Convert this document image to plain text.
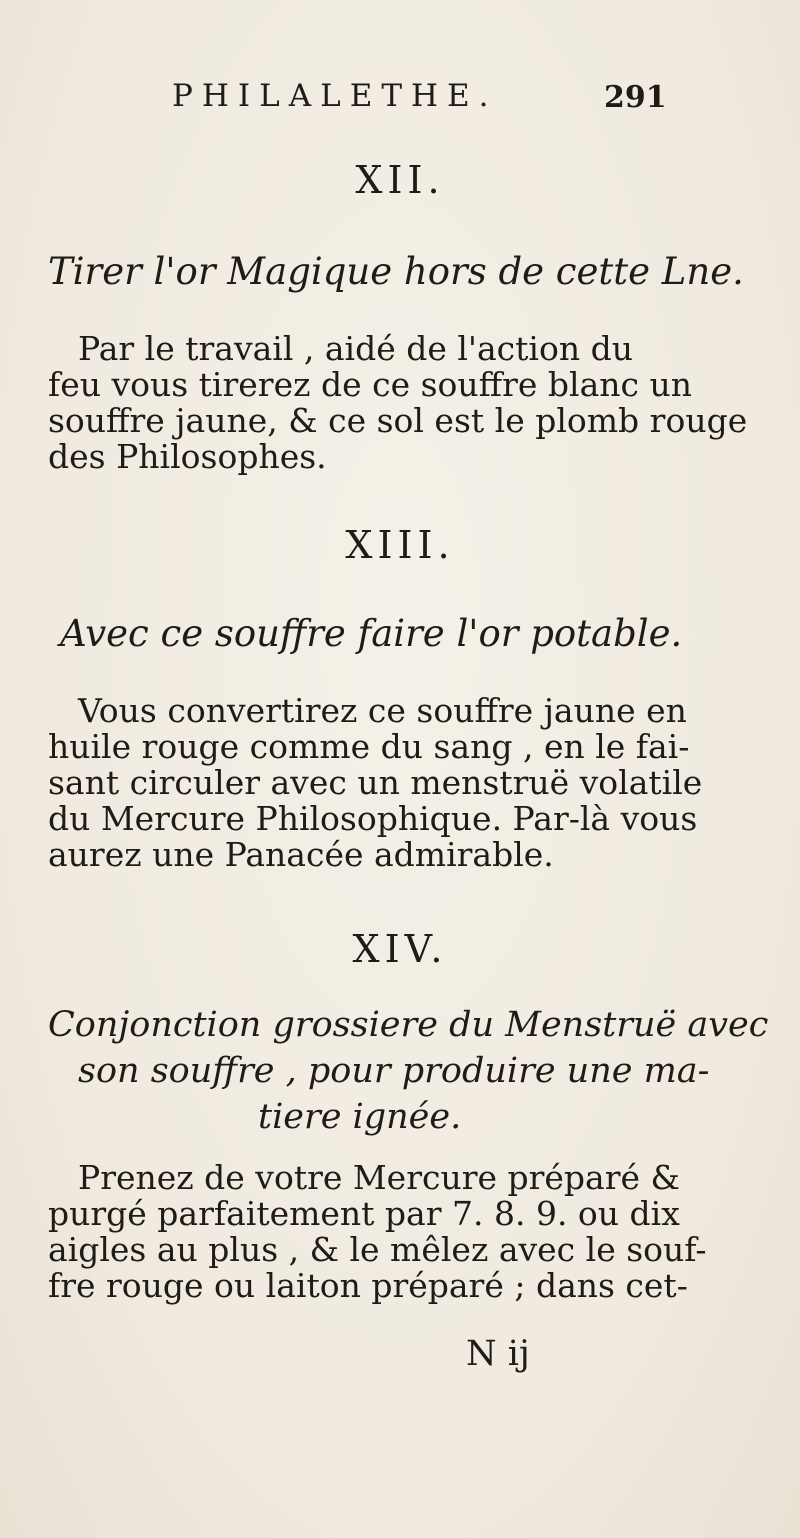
PHILALETHE.	291
XII.
Tirer l'or Magique hors de cette Lne.
Par le travail , aidé de l'action du
feu vous tirerez de ce souffre blanc un
souffre jaune, & ce sol est le plomb rouge
des Philosophes.
XIII.
Avec ce souffre faire l'or potable.
Vous convertirez ce souffre jaune en
huile rouge comme du sang , en le fai-
sant circuler avec un menstruë volatile
du Mercure Philosophique. Par-là vous
aurez une Panacée admirable.
XIV.
Conjonction grossiere du Menstruë avec
son souffre , pour produire une ma-
tiere ignée.
Prenez de votre Mercure préparé &
purgé parfaitement par 7. 8. 9. ou dix
aigles au plus , & le mêlez avec le souf-
fre rouge ou laiton préparé ; dans cet-
N ij
